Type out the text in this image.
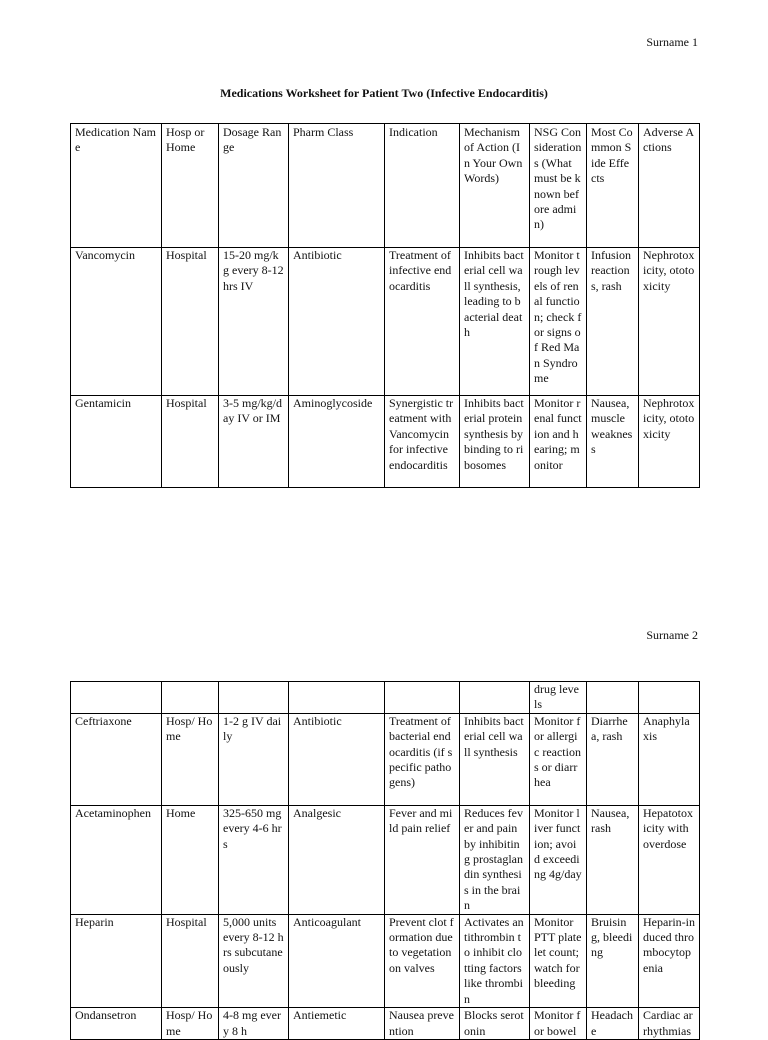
Surname 1
Medications Worksheet for Patient Two (Infective Endocarditis)
Medication Name	Hosp or Home	Dosage Range	Pharm Class	Indication	Mechanism of Action (In Your Own Words)	NSG Considerations (What must be known before admin)	Most Common Side Effects	Adverse Actions
Vancomycin	Hospital	15-20 mg/kg every 8-12 hrs IV	Antibiotic	Treatment of infective endocarditis	Inhibits bacterial cell wall synthesis, leading to bacterial death	Monitor trough levels of renal function; check for signs of Red Man Syndrome	Infusion reactions, rash	Nephrotoxicity, ototoxicity
Gentamicin	Hospital	3-5 mg/kg/day IV or IM	Aminoglycoside	Synergistic treatment with Vancomycin for infective endocarditis	Inhibits bacterial protein synthesis by binding to ribosomes	Monitor renal function and hearing; monitor	Nausea, muscle weakness	Nephrotoxicity, ototoxicity
Surname 2
						drug levels		
Ceftriaxone	Hosp/ Home	1-2 g IV daily	Antibiotic	Treatment of bacterial endocarditis (if specific pathogens)	Inhibits bacterial cell wall synthesis	Monitor for allergic reactions or diarrhea	Diarrhea, rash	Anaphylaxis
Acetaminophen	Home	325-650 mg every 4-6 hrs	Analgesic	Fever and mild pain relief	Reduces fever and pain by inhibiting prostaglandin synthesis in the brain	Monitor liver function; avoid exceeding 4g/day	Nausea, rash	Hepatotoxicity with overdose
Heparin	Hospital	5,000 units every 8-12 hrs subcutaneously	Anticoagulant	Prevent clot formation due to vegetation on valves	Activates antithrombin to inhibit clotting factors like thrombin	Monitor PTT platelet count; watch for bleeding	Bruising, bleeding	Heparin-induced thrombocytopenia
Ondansetron	Hosp/ Home	4-8 mg every 8 h	Antiemetic	Nausea prevention	Blocks serotonin	Monitor for bowel	Headache	Cardiac arrhythmias
